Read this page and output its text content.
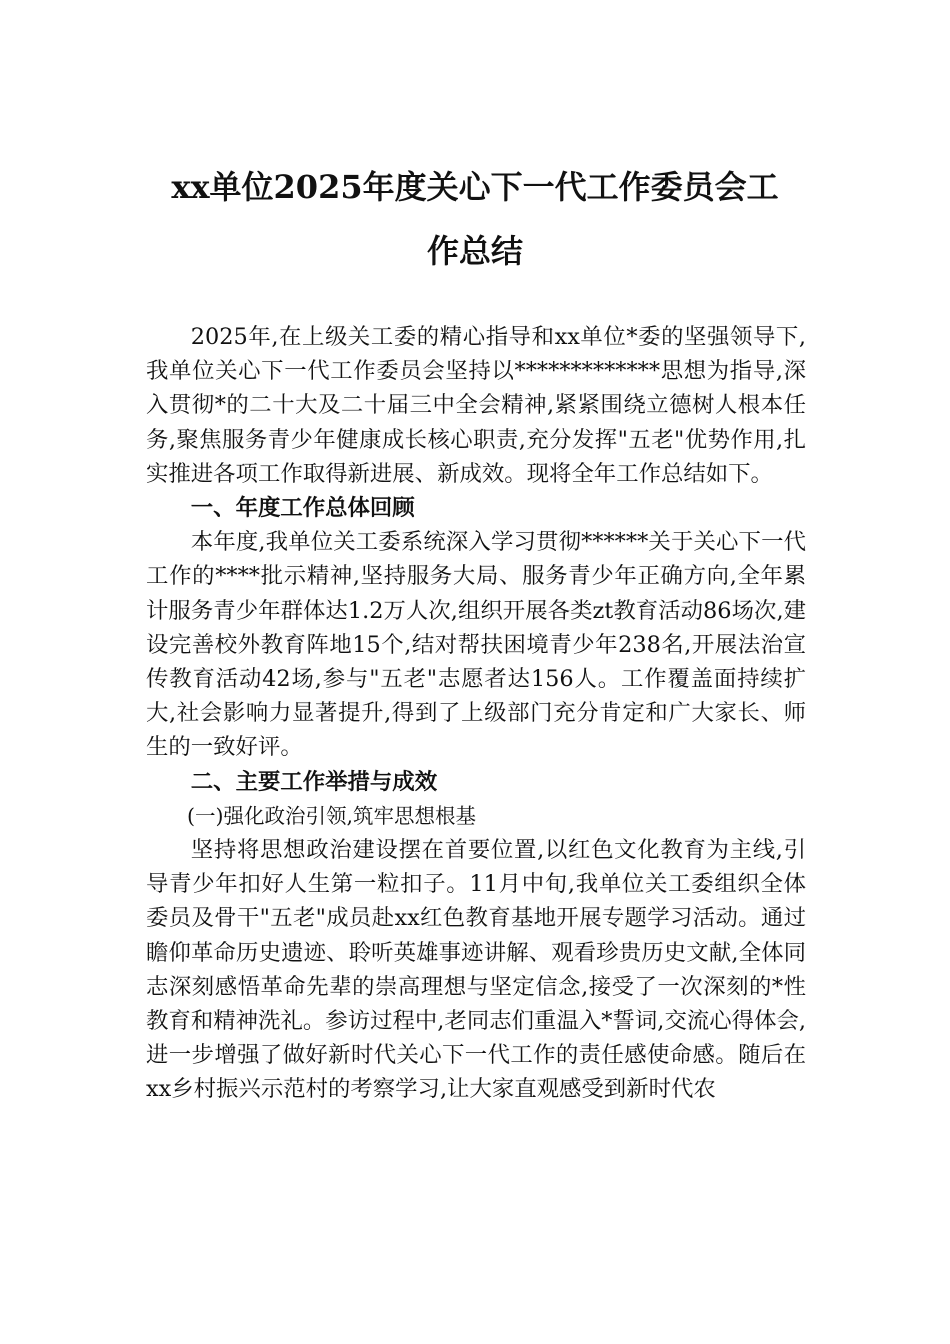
xx单位2025年度关心下一代工作委员会工
作总结

2025年,在上级关工委的精心指导和xx单位*委的坚强领导下,我单位关心下一代工作委员会坚持以*************思想为指导,深入贯彻*的二十大及二十届三中全会精神,紧紧围绕立德树人根本任务,聚焦服务青少年健康成长核心职责,充分发挥"五老"优势作用,扎实推进各项工作取得新进展、新成效。现将全年工作总结如下。

一、年度工作总体回顾

本年度,我单位关工委系统深入学习贯彻******关于关心下一代工作的****批示精神,坚持服务大局、服务青少年正确方向,全年累计服务青少年群体达1.2万人次,组织开展各类zt教育活动86场次,建设完善校外教育阵地15个,结对帮扶困境青少年238名,开展法治宣传教育活动42场,参与"五老"志愿者达156人。工作覆盖面持续扩大,社会影响力显著提升,得到了上级部门充分肯定和广大家长、师生的一致好评。

二、主要工作举措与成效

(一)强化政治引领,筑牢思想根基

坚持将思想政治建设摆在首要位置,以红色文化教育为主线,引导青少年扣好人生第一粒扣子。11月中旬,我单位关工委组织全体委员及骨干"五老"成员赴xx红色教育基地开展专题学习活动。通过瞻仰革命历史遗迹、聆听英雄事迹讲解、观看珍贵历史文献,全体同志深刻感悟革命先辈的崇高理想与坚定信念,接受了一次深刻的*性教育和精神洗礼。参访过程中,老同志们重温入*誓词,交流心得体会,进一步增强了做好新时代关心下一代工作的责任感使命感。随后在xx乡村振兴示范村的考察学习,让大家直观感受到新时代农
